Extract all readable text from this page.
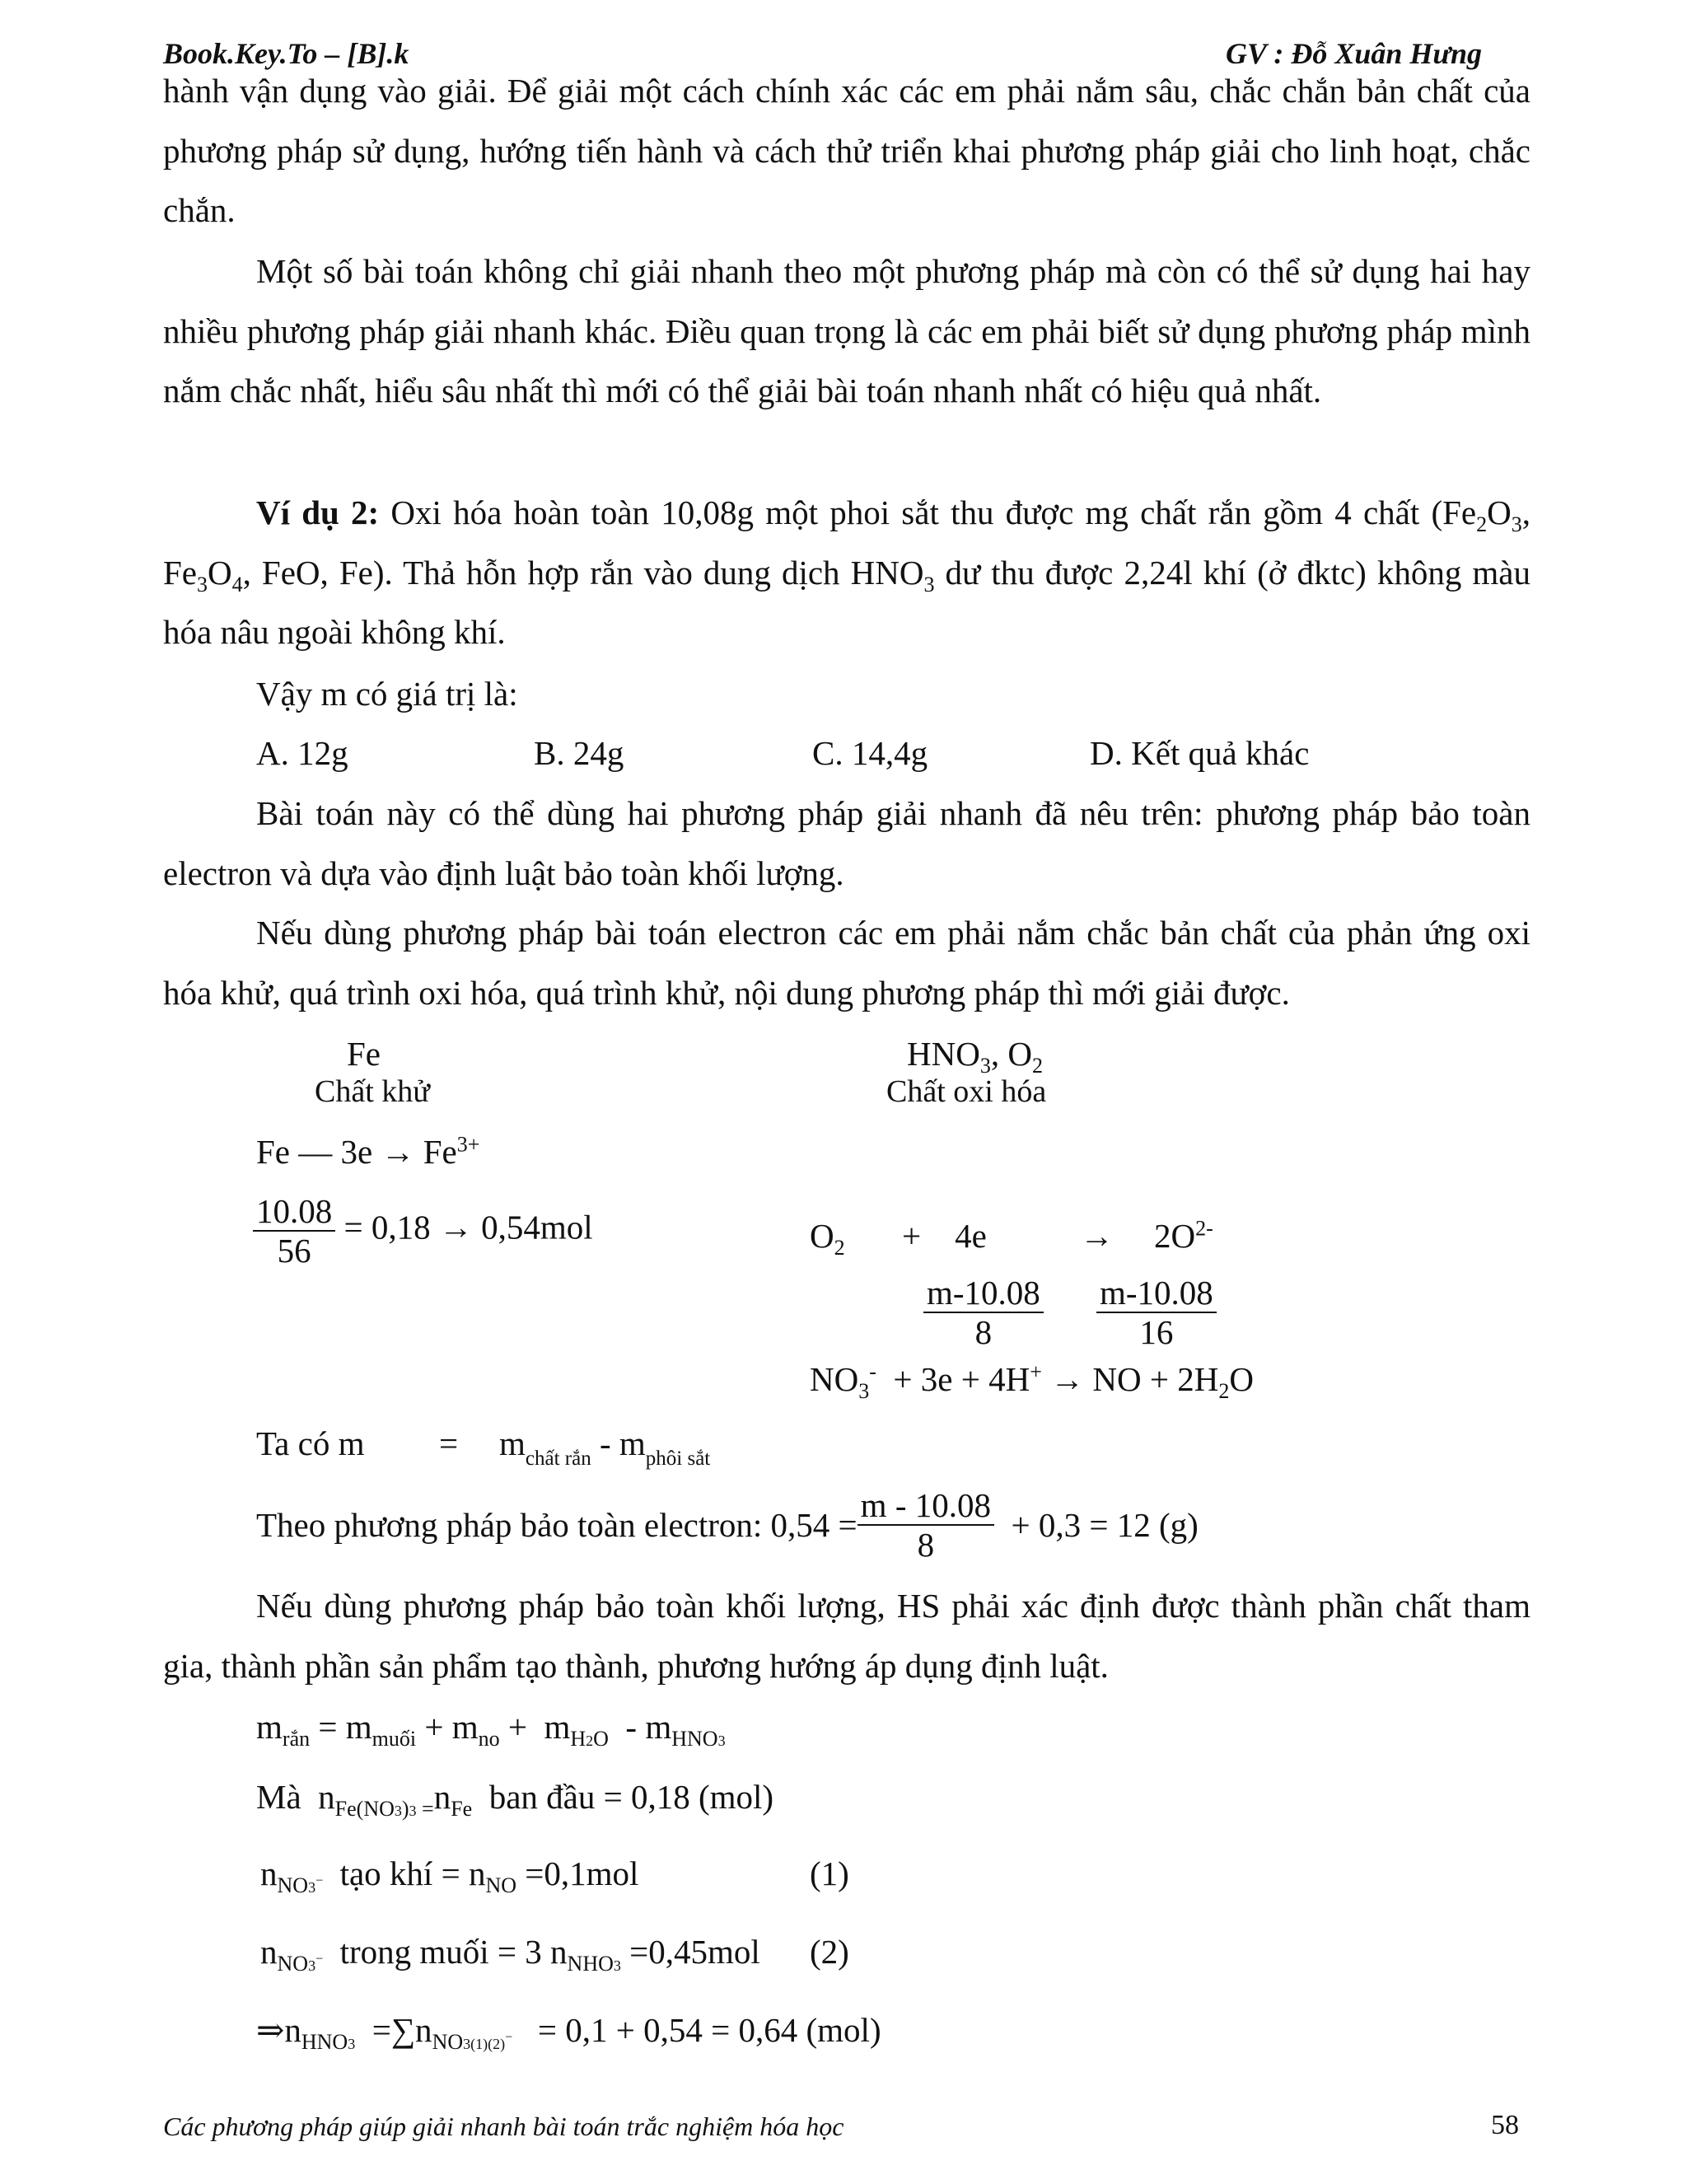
Book.Key.To – [B].k	GV : Đỗ Xuân Hưng

hành vận dụng vào giải. Để giải một cách chính xác các em phải nắm sâu, chắc chắn bản chất của phương pháp sử dụng, hướng tiến hành và cách thử triển khai phương pháp giải cho linh hoạt, chắc chắn.

Một số bài toán không chỉ giải nhanh theo một phương pháp mà còn có thể sử dụng hai hay nhiều phương pháp giải nhanh khác. Điều quan trọng là các em phải biết sử dụng phương pháp mình nắm chắc nhất, hiểu sâu nhất thì mới có thể giải bài toán nhanh nhất có hiệu quả nhất.

Ví dụ 2: Oxi hóa hoàn toàn 10,08g một phoi sắt thu được mg chất rắn gồm 4 chất ($Fe_2O_3$, $Fe_3O_4$, FeO, Fe). Thả hỗn hợp rắn vào dung dịch $HNO_3$ dư thu được 2,24l khí (ở đktc) không màu hóa nâu ngoài không khí.

Vậy m có giá trị là:
A. 12g	B. 24g	C. 14,4g	D. Kết quả khác

Bài toán này có thể dùng hai phương pháp giải nhanh đã nêu trên: phương pháp bảo toàn electron và dựa vào định luật bảo toàn khối lượng.

Nếu dùng phương pháp bài toán electron các em phải nắm chắc bản chất của phản ứng oxi hóa khử, quá trình oxi hóa, quá trình khử, nội dung phương pháp thì mới giải được.

Fe
Chất khử
$HNO_3$, $O_2$
Chất oxi hóa
Fe — $3e \to Fe^{3+}$
$\frac{10.08}{56} = 0,18 \to 0,54mol$	$O_2$ +    4e	→ $2O^{2-}$
$\frac{m-10.08}{8} \frac{m-10.08}{16}$
$NO_3^- + 3e + 4H^+$ → NO + $2H_2O$
Ta có $m = m_{chất rắn} - m_{phôi sắt}$
Theo phương pháp bảo toàn electron: $0,54 = \frac{m - 10.08}{8} + 0,3 = 12$ (g)

Nếu dùng phương pháp bảo toàn khối lượng, HS phải xác định được thành phần chất tham gia, thành phần sản phẩm tạo thành, phương hướng áp dụng định luật.

$m_{rắn} = m_{muối} + m_{no} + m_{H2O} - m_{HNO3}$
Mà  $n_{Fe(NO3)3 =}n_{Fe}$ ban đầu = 0,18 (mol)
$n_{NO3^-}$ tạo khí = $n_{NO} =0,1mol$	(1)
$n_{NO3^-}$ trong muối = 3 $n_{NHO3} =0,45mol$ (2)
$\Rightarrow n_{HNO3} =\sum n_{NO3(1)(2)^-} = 0,1 + 0,54 = 0,64$ (mol)
Các phương pháp giúp giải nhanh bài toán trắc nghiệm hóa học	58
